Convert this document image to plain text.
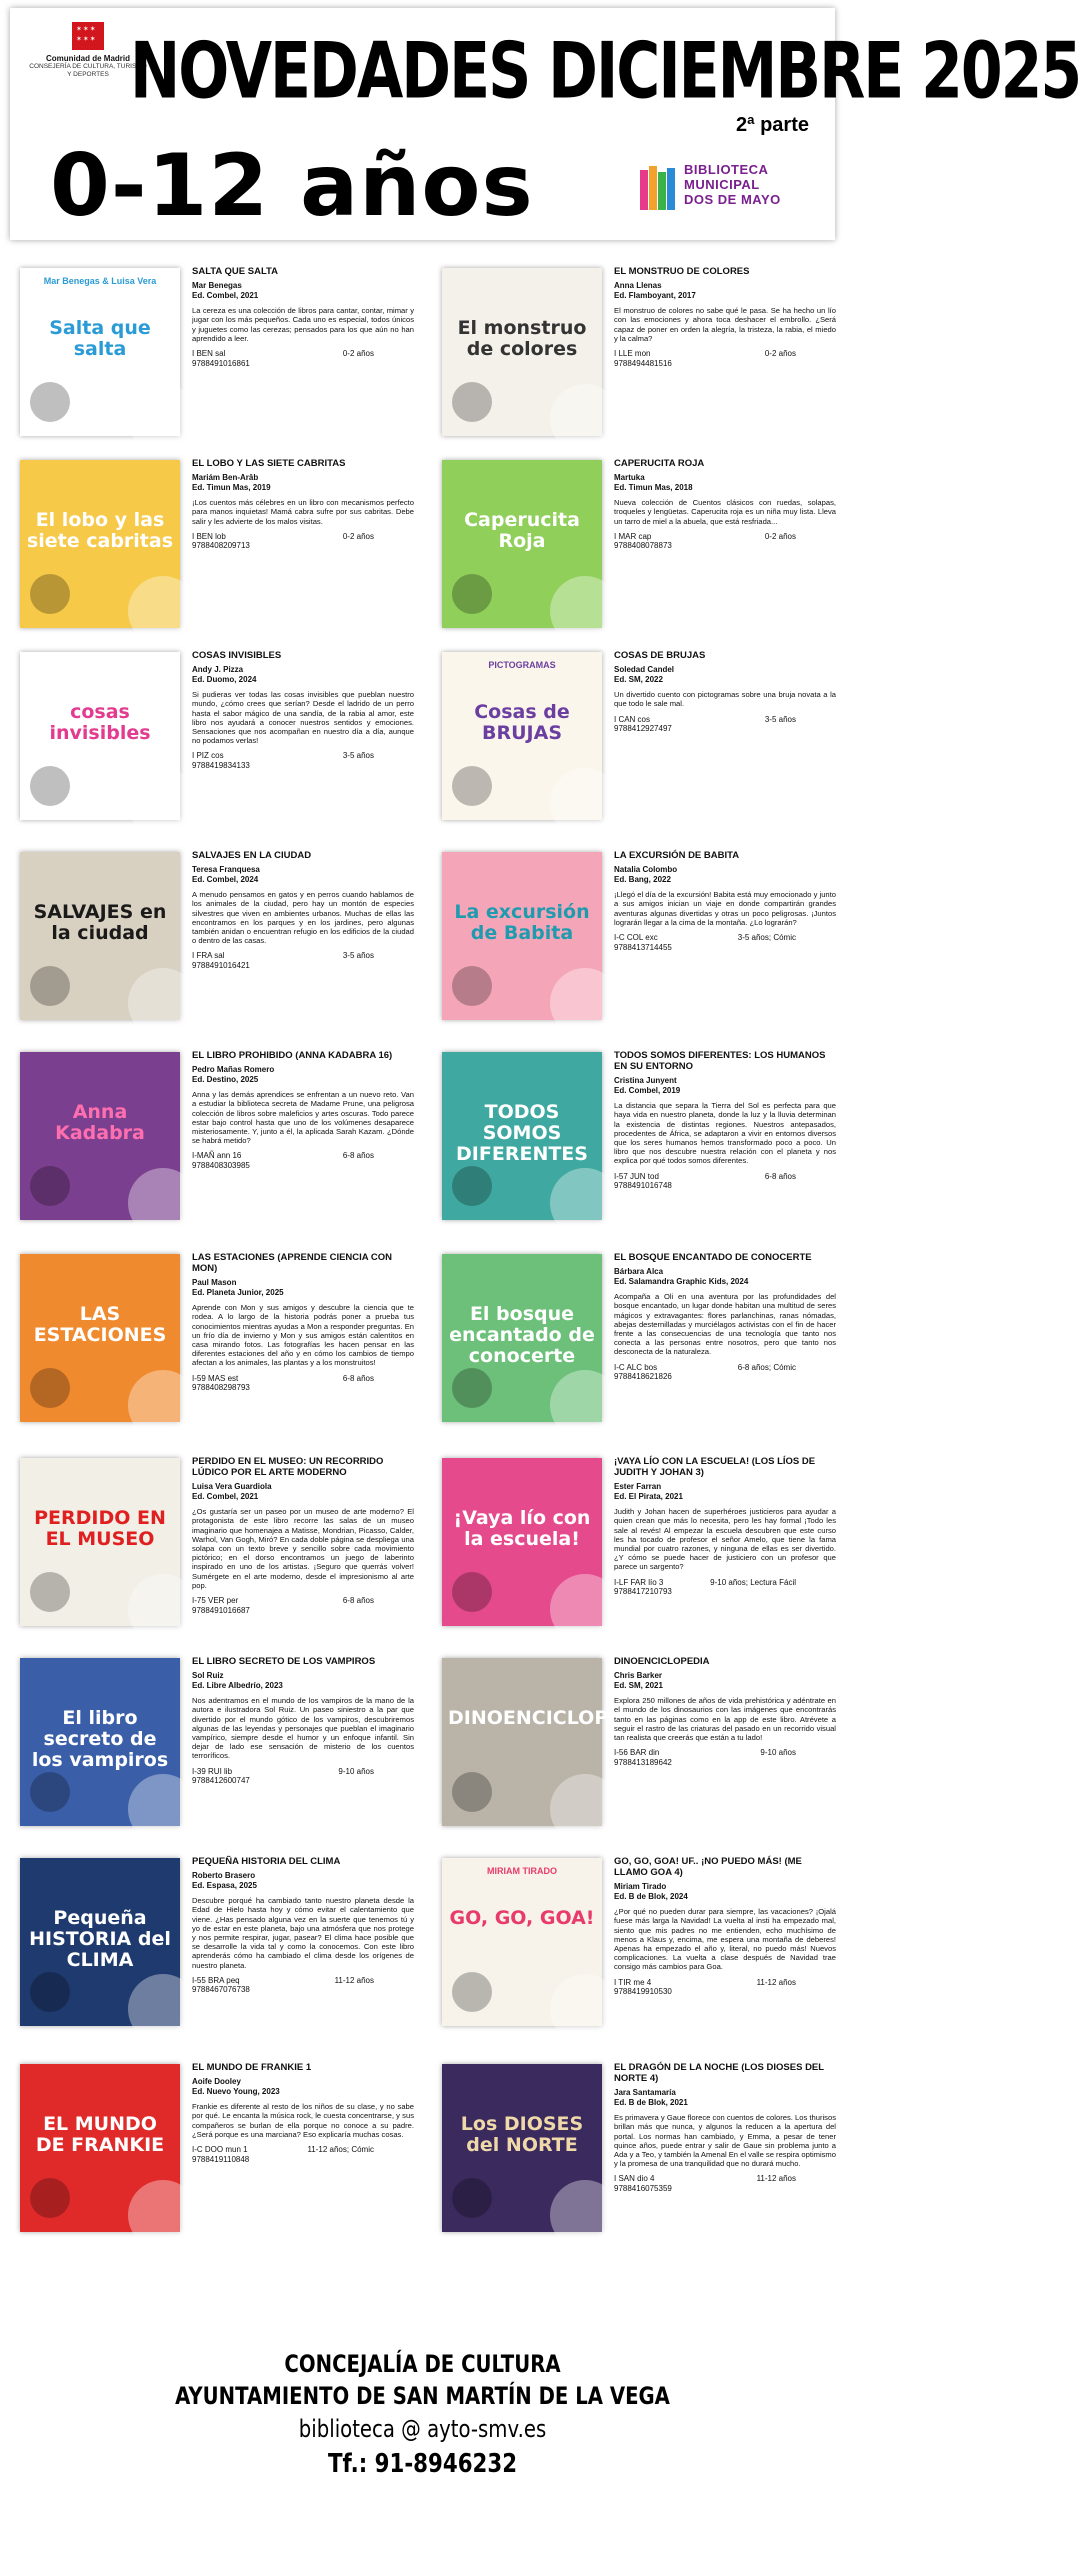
✶✶✶
✶✶✶
Comunidad de Madrid
CONSEJERÍA DE CULTURA, TURISMO Y DEPORTES NOVEDADES DICIEMBRE 2025
2ª parte
0-12 años	BIBLIOTECA
MUNICIPAL
DOS DE MAYO
Mar Benegas & Luisa Vera
Salta que salta
SALTA QUE SALTA
Mar Benegas
Ed. Combel, 2021
La cereza es una colección de libros para cantar, contar, mimar y jugar con los más pequeños. Cada uno es especial, todos únicos y juguetes como las cerezas; pensados para los que aún no han aprendido a leer.
I BEN sal	0-2 años
9788491016861
El monstruo de colores
EL MONSTRUO DE COLORES
Anna Llenas
Ed. Flamboyant, 2017
El monstruo de colores no sabe qué le pasa. Se ha hecho un lío con las emociones y ahora toca deshacer el embrollo. ¿Será capaz de poner en orden la alegría, la tristeza, la rabia, el miedo y la calma?
I LLE mon	0-2 años
9788494481516
El lobo y las siete cabritas
EL LOBO Y LAS SIETE CABRITAS
Mariám Ben-Arâb
Ed. Timun Mas, 2019
¡Los cuentos más célebres en un libro con mecanismos perfecto para manos inquietas! Mamá cabra sufre por sus cabritas. Debe salir y les advierte de los malos visitas.
I BEN lob	0-2 años
9788408209713
Caperucita Roja
CAPERUCITA ROJA
Martuka
Ed. Timun Mas, 2018
Nueva colección de Cuentos clásicos con ruedas, solapas, troqueles y lengüetas. Caperucita roja es un niña muy lista. Lleva un tarro de miel a la abuela, que está resfriada...
I MAR cap	0-2 años
9788408078873
cosas invisibles
COSAS INVISIBLES
Andy J. Pizza
Ed. Duomo, 2024
Si pudieras ver todas las cosas invisibles que pueblan nuestro mundo, ¿cómo crees que serían? Desde el ladrido de un perro hasta el sabor mágico de una sandía, de la rabia al amor, este libro nos ayudará a conocer nuestros sentidos y emociones. Sensaciones que nos acompañan en nuestro día a día, aunque no podamos verlas!
I PIZ cos	3-5 años
9788419834133
PICTOGRAMAS
Cosas de BRUJAS
COSAS DE BRUJAS
Soledad Candel
Ed. SM, 2022
Un divertido cuento con pictogramas sobre una bruja novata a la que todo le sale mal.
I CAN cos	3-5 años
9788412927497
SALVAJES en la ciudad
SALVAJES EN LA CIUDAD
Teresa Franquesa
Ed. Combel, 2024
A menudo pensamos en gatos y en perros cuando hablamos de los animales de la ciudad, pero hay un montón de especies silvestres que viven en ambientes urbanos. Muchas de ellas las encontramos en los parques y en los jardines, pero algunas también anidan o encuentran refugio en los edificios de la ciudad o dentro de las casas.
I FRA sal	3-5 años
9788491016421
La excursión de Babita
LA EXCURSIÓN DE BABITA
Natalia Colombo
Ed. Bang, 2022
¡Llegó el día de la excursión! Babita está muy emocionado y junto a sus amigos inician un viaje en donde compartirán grandes aventuras algunas divertidas y otras un poco peligrosas. ¡Juntos lograrán llegar a la cima de la montaña. ¿Lo lograrán?
I-C COL exc	3-5 años; Cómic
9788413714455
Anna Kadabra
EL LIBRO PROHIBIDO (ANNA KADABRA 16)
Pedro Mañas Romero
Ed. Destino, 2025
Anna y las demás aprendices se enfrentan a un nuevo reto. Van a estudiar la biblioteca secreta de Madame Prune, una peligrosa colección de libros sobre maleficios y artes oscuras. Todo parece estar bajo control hasta que uno de los volúmenes desaparece misteriosamente. Y, junto a él, la aplicada Sarah Kazam. ¿Dónde se habrá metido?
I-MAÑ ann 16	6-8 años
9788408303985
TODOS SOMOS DIFERENTES
TODOS SOMOS DIFERENTES: LOS HUMANOS EN SU ENTORNO
Cristina Junyent
Ed. Combel, 2019
La distancia que separa la Tierra del Sol es perfecta para que haya vida en nuestro planeta, donde la luz y la lluvia determinan la existencia de distintas regiones. Nuestros antepasados, procedentes de África, se adaptaron a vivir en entornos diversos que los seres humanos hemos transformado poco a poco. Un libro que nos descubre nuestra relación con el planeta y nos explica por qué todos somos diferentes.
I-57 JUN tod	6-8 años
9788491016748
LAS ESTACIONES
LAS ESTACIONES (APRENDE CIENCIA CON MON)
Paul Mason
Ed. Planeta Junior, 2025
Aprende con Mon y sus amigos y descubre la ciencia que te rodea. A lo largo de la historia podrás poner a prueba tus conocimientos mientras ayudas a Mon a responder preguntas. En un frío día de invierno y Mon y sus amigos están calentitos en casa mirando fotos. Las fotografías les hacen pensar en las diferentes estaciones del año y en cómo los cambios de tiempo afectan a los animales, las plantas y a los monstruitos!
I-59 MAS est	6-8 años
9788408298793
El bosque encantado de conocerte
EL BOSQUE ENCANTADO DE CONOCERTE
Bárbara Alca
Ed. Salamandra Graphic Kids, 2024
Acompaña a Oli en una aventura por las profundidades del bosque encantado, un lugar donde habitan una multitud de seres mágicos y extravagantes: flores parlanchinas, ranas nómadas, abejas desternilladas y murciélagos activistas con el fin de hacer frente a las consecuencias de una tecnología que tanto nos conecta a las personas entre nosotros, pero que tanto nos desconecta de la naturaleza.
I-C ALC bos	6-8 años; Cómic
9788418621826
PERDIDO EN EL MUSEO
PERDIDO EN EL MUSEO: UN RECORRIDO LÚDICO POR EL ARTE MODERNO
Luisa Vera Guardiola
Ed. Combel, 2021
¿Os gustaría ser un paseo por un museo de arte moderno? El protagonista de este libro recorre las salas de un museo imaginario que homenajea a Matisse, Mondrian, Picasso, Calder, Warhol, Van Gogh, Miró? En cada doble página se despliega una solapa con un texto breve y sencillo sobre cada movimiento pictórico; en el dorso encontramos un juego de laberinto inspirado en uno de los artistas. ¡Seguro que querrás volver! Sumérgete en el arte moderno, desde el impresionismo al arte pop.
I-75 VER per	6-8 años
9788491016687
¡Vaya lío con la escuela!
¡VAYA LÍO CON LA ESCUELA! (LOS LÍOS DE JUDITH Y JOHAN 3)
Ester Farran
Ed. El Pirata, 2021
Judith y Johan hacen de superhéroes justicieros para ayudar a quien crean que más lo necesita, pero les hay formal ¡Todo les sale al revés! Al empezar la escuela descubren que este curso les ha tocado de profesor el señor Amelo, que tiene la fama mundial por cuatro razones, y ninguna de ellas es ser divertido. ¿Y cómo se puede hacer de justiciero con un profesor que parece un sargento?
I-LF FAR lío 3	9-10 años; Lectura Fácil
9788417210793
El libro secreto de los vampiros
EL LIBRO SECRETO DE LOS VAMPIROS
Sol Ruiz
Ed. Libre Albedrío, 2023
Nos adentramos en el mundo de los vampiros de la mano de la autora e ilustradora Sol Ruiz. Un paseo siniestro a la par que divertido por el mundo gótico de los vampiros, descubriremos algunas de las leyendas y personajes que pueblan el imaginario vampírico, siempre desde el humor y un enfoque infantil. Sin dejar de lado ese sensación de misterio de los cuentos terroríficos.
I-39 RUI lib	9-10 años
9788412600747
DINOENCICLOPEDIA
DINOENCICLOPEDIA
Chris Barker
Ed. SM, 2021
Explora 250 millones de años de vida prehistórica y adéntrate en el mundo de los dinosaurios con las imágenes que encontrarás tanto en las páginas como en la app de este libro. Atrévete a seguir el rastro de las criaturas del pasado en un recorrido visual tan realista que creerás que están a tu lado!
I-56 BAR din	9-10 años
9788413189642
Pequeña HISTORIA del CLIMA
PEQUEÑA HISTORIA DEL CLIMA
Roberto Brasero
Ed. Espasa, 2025
Descubre porqué ha cambiado tanto nuestro planeta desde la Edad de Hielo hasta hoy y cómo evitar el calentamiento que viene. ¿Has pensado alguna vez en la suerte que tenemos tú y yo de estar en este planeta, bajo una atmósfera que nos protege y nos permite respirar, jugar, pasear? El clima hace posible que se desarrolle la vida tal y como la conocemos. Con este libro aprenderás cómo ha cambiado el clima desde los orígenes de nuestro planeta.
I-55 BRA peq	11-12 años
9788467076738
MIRIAM TIRADO
GO, GO, GOA!
GO, GO, GOA! UF.. ¡NO PUEDO MÁS! (ME LLAMO GOA 4)
Miriam Tirado
Ed. B de Blok, 2024
¿Por qué no pueden durar para siempre, las vacaciones? ¡Ojalá fuese más larga la Navidad! La vuelta al insti ha empezado mal, siento que mis padres no me entienden, echo muchísimo de menos a Klaus y, encima, me espera una montaña de deberes! Apenas ha empezado el año y, literal, no puedo más! Nuevos complicaciones. La vuelta a clase después de Navidad trae consigo más cambios para Goa.
I TIR me 4	11-12 años
9788419910530
EL MUNDO DE FRANKIE
EL MUNDO DE FRANKIE 1
Aoife Dooley
Ed. Nuevo Young, 2023
Frankie es diferente al resto de los niños de su clase, y no sabe por qué. Le encanta la música rock, le cuesta concentrarse, y sus compañeros se burlan de ella porque no conoce a su padre. ¿Será porque es una marciana? Eso explicaría muchas cosas.
I-C DOO mun 1	11-12 años; Cómic
9788419110848
Los DIOSES del NORTE
EL DRAGÓN DE LA NOCHE (LOS DIOSES DEL NORTE 4)
Jara Santamaría
Ed. B de Blok, 2021
Es primavera y Gaue florece con cuentos de colores. Los thurisos brillan más que nunca, y algunos la reducen a la apertura del portal. Los normas han cambiado, y Emma, a pesar de tener quince años, puede entrar y salir de Gaue sin problema junto a Ada y a Teo, y también la Amenal En el valle se respira optimismo y la promesa de una tranquilidad que no durará mucho.
I SAN dio 4	11-12 años
9788416075359
CONCEJALÍA DE CULTURA
AYUNTAMIENTO DE SAN MARTÍN DE LA VEGA
biblioteca @ ayto-smv.es
Tf.: 91-8946232
